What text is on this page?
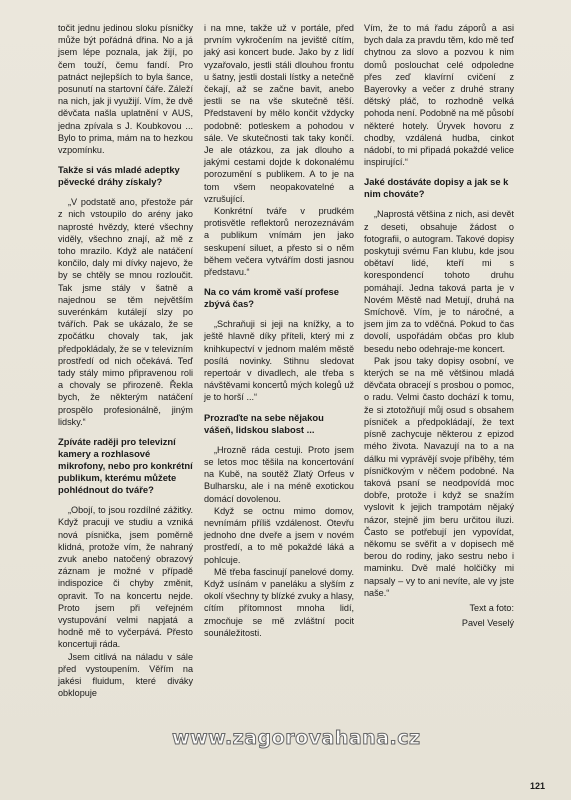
točit jednu jedinou sloku písničky může být pořádná dřina. No a já jsem lépe poznala, jak žijí, po čem touží, čemu fandí. Pro patnáct nejlepších to byla šance, posunutí na startovní čáře. Záleží na nich, jak ji využijí. Vím, že dvě děvčata našla uplatnění v AUS, jedna zpívala s J. Koubkovou ... Bylo to prima, mám na to hezkou vzpomínku.

Takže si vás mladé adeptky pěvecké dráhy získaly?

„V podstatě ano, přestože pár z nich vstoupilo do arény jako naprosté hvězdy, které všechny viděly, všechno znají, až mě z toho mrazilo. Když ale natáčení končilo, daly mi dívky najevo, že by se chtěly se mnou rozloučit. Tak jsme stály v šatně a najednou se těm největším suverénkám kutálejí slzy po tvářích. Pak se ukázalo, že se zpočátku chovaly tak, jak předpokládaly, že se v televizním prostředí od nich očekává. Teď tady stály mimo připravenou roli a chovaly se přirozeně. Řekla bych, že některým natáčení prospělo profesionálně, jiným lidsky.“

Zpíváte raději pro televizní kamery a rozhlasové mikrofony, nebo pro konkrétní publikum, kterému můžete pohlédnout do tváře?

„Obojí, to jsou rozdílné zážitky. Když pracuji ve studiu a vzniká nová písnička, jsem poměrně klidná, protože vím, že nahraný zvuk anebo natočený obrazový záznam je možné v případě indispozice či chyby změnit, opravit. To na koncertu nejde. Proto jsem při veřejném vystupování velmi napjatá a hodně mě to vyčerpává. Přesto koncertuji ráda.

Jsem citlivá na náladu v sále před vystoupením. Věřím na jakési fluidum, které diváky obklopuje

i na mne, takže už v portále, před prvním vykročením na jeviště cítím, jaký asi koncert bude. Jako by z lidí vyzařovalo, jestli stáli dlouhou frontu u šatny, jestli dostali lístky a netečně čekají, až se začne bavit, anebo jestli se na vše skutečně těší. Představení by mělo končit vždycky podobně: potleskem a pohodou v sále. Ve skutečnosti tak taky končí. Je ale otázkou, za jak dlouho a jakými cestami dojde k dokonalému porozumění s publikem. A to je na tom všem neopakovatelné a vzrušující.

Konkrétní tváře v prudkém protisvětle reflektorů nerozeznávám a publikum vnímám jen jako seskupení siluet, a přesto si o něm během večera vytvářím dosti jasnou představu.“

Na co vám kromě vaší profese zbývá čas?

„Schraňuji si jeji na knížky, a to ještě hlavně díky příteli, který mi z knihkupectví v jednom malém městě posílá novinky. Stihnu sledovat repertoár v divadlech, ale třeba s návštěvami koncertů mých kolegů už je to horší ...“

Prozraďte na sebe nějakou vášeň, lidskou slabost ...

„Hrozně ráda cestuji. Proto jsem se letos moc těšila na koncertování na Kubě, na soutěž Zlatý Orfeus v Bulharsku, ale i na méně exotickou domácí dovolenou.

Když se octnu mimo domov, nevnímám příliš vzdálenost. Otevřu jednoho dne dveře a jsem v novém prostředí, a to mě pokaždé láká a pohlcuje.

Mě třeba fascinují panelové domy. Když usínám v paneláku a slyším z okolí všechny ty blízké zvuky a hlasy, cítím přítomnost mnoha lidí, zmocňuje se mě zvláštní pocit sounáležitosti.

Vím, že to má řadu záporů a asi bych dala za pravdu těm, kdo mě teď chytnou za slovo a pozvou k nim domů poslouchat celé odpoledne přes zeď klavírní cvičení z Bayerovky a večer z druhé strany dětský pláč, to rozhodně velká pohoda není. Podobně na mě působí některé hotely. Úryvek hovoru z chodby, vzdálená hudba, cinkot nádobí, to mi připadá pokaždé velice inspirující.“

Jaké dostáváte dopisy a jak se k nim chováte?

„Naprostá většina z nich, asi devět z deseti, obsahuje žádost o fotografii, o autogram. Takové dopisy poskytuji svému Fan klubu, kde jsou obětaví lidé, kteří mi s korespondencí tohoto druhu pomáhají. Jedna taková parta je v Novém Městě nad Metují, druhá na Smíchově. Vím, je to náročné, a jsem jim za to vděčná. Pokud to čas dovolí, uspořádám občas pro klub besedu nebo odehraje-me koncert.

Pak jsou taky dopisy osobní, ve kterých se na mě většinou mladá děvčata obracejí s prosbou o pomoc, o radu. Velmi často dochází k tomu, že si ztotožňují můj osud s obsahem písniček a předpokládají, že text písně zachycuje některou z epizod mého života. Navazují na to a na dálku mi vyprávějí svoje příběhy, tém písničkovým v něčem podobné. Na taková psaní se neodpovídá moc dobře, protože i když se snažím vyslovit k jejich trampotám nějaký názor, stejně jim beru určitou iluzi. Často se potřebují jen vypovídat, někomu se svěřit a v dopisech mě berou do rodiny, jako sestru nebo i maminku. Dvě malé holčičky mi napsaly – vy to ani nevíte, ale vy jste naše.“

Text a foto:

Pavel Veselý

www.zagorovahana.cz
121
